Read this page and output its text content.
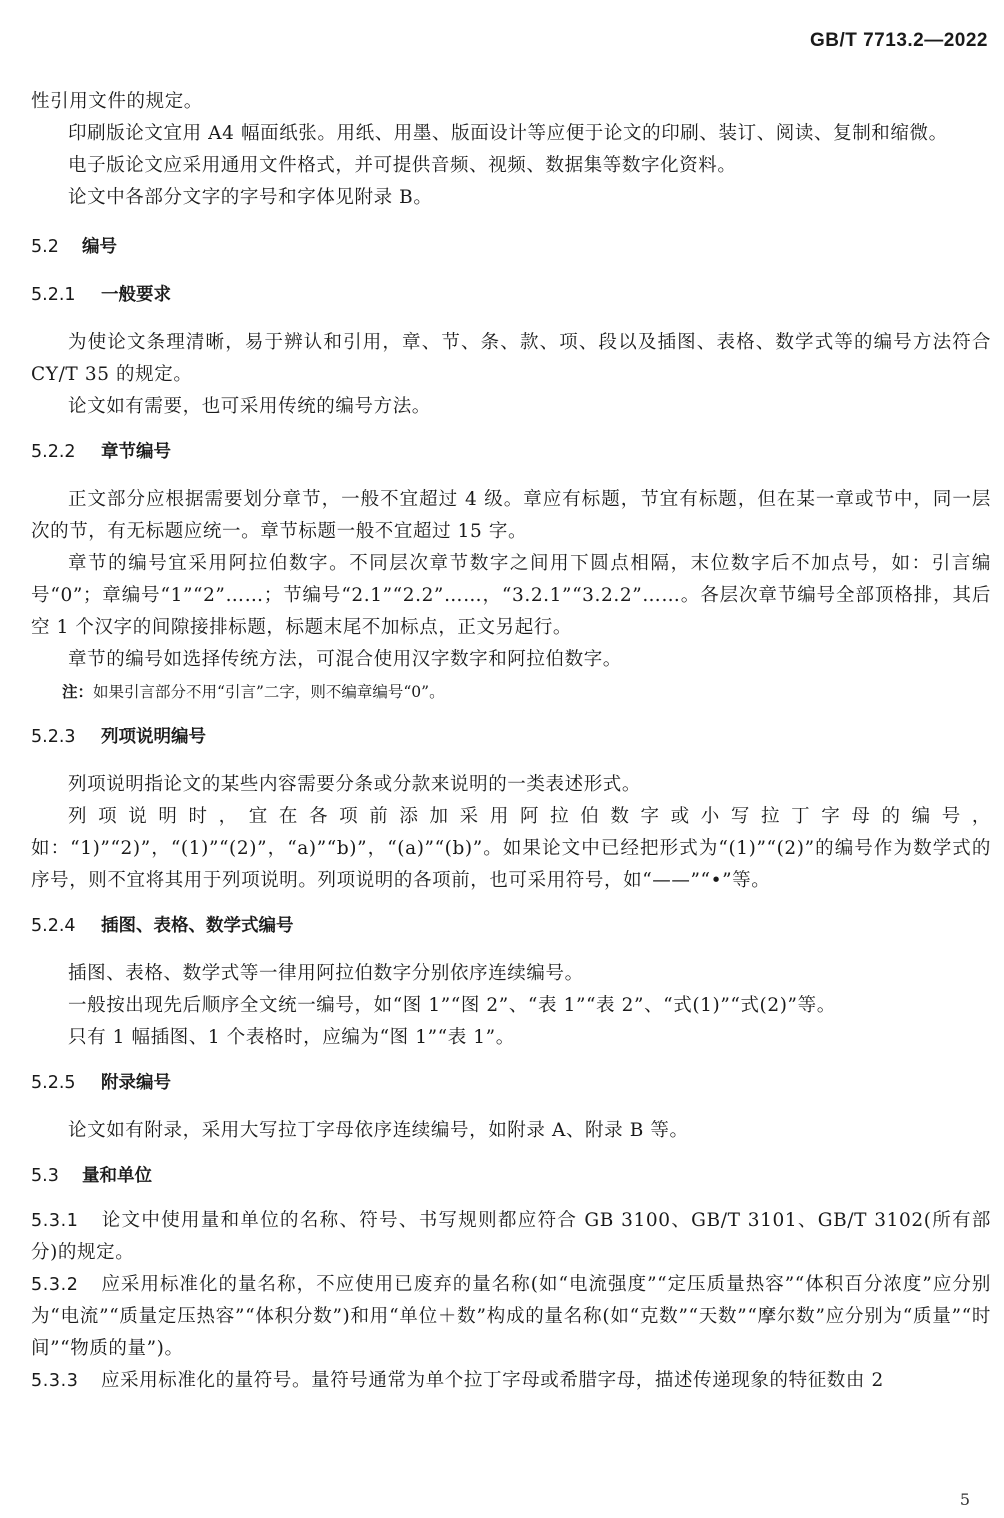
GB/T 7713.2—2022

性引用文件的规定。

印刷版论文宜用 A4 幅面纸张。用纸、用墨、版面设计等应便于论文的印刷、装订、阅读、复制和缩微。

电子版论文应采用通用文件格式，并可提供音频、视频、数据集等数字化资料。

论文中各部分文字的字号和字体见附录 B。

5.2 编号
5.2.1 一般要求

为使论文条理清晰，易于辨认和引用，章、节、条、款、项、段以及插图、表格、数学式等的编号方法符合 CY/T 35 的规定。

论文如有需要，也可采用传统的编号方法。

5.2.2 章节编号

正文部分应根据需要划分章节，一般不宜超过 4 级。章应有标题，节宜有标题，但在某一章或节中，同一层次的节，有无标题应统一。章节标题一般不宜超过 15 字。

章节的编号宜采用阿拉伯数字。不同层次章节数字之间用下圆点相隔，末位数字后不加点号，如：引言编号“0”；章编号“1”“2”……；节编号“2.1”“2.2”……，“3.2.1”“3.2.2”……。各层次章节编号全部顶格排，其后空 1 个汉字的间隙接排标题，标题末尾不加标点，正文另起行。

章节的编号如选择传统方法，可混合使用汉字数字和阿拉伯数字。

注：如果引言部分不用“引言”二字，则不编章编号“0”。

5.2.3 列项说明编号

列项说明指论文的某些内容需要分条或分款来说明的一类表述形式。

列项说明时，宜在各项前添加采用阿拉伯数字或小写拉丁字母的编号，如：“1)”“2)”，“(1)”“(2)”，“a)”“b)”，“(a)”“(b)”。如果论文中已经把形式为“(1)”“(2)”的编号作为数学式的序号，则不宜将其用于列项说明。列项说明的各项前，也可采用符号，如“——”“•”等。

5.2.4 插图、表格、数学式编号

插图、表格、数学式等一律用阿拉伯数字分别依序连续编号。

一般按出现先后顺序全文统一编号，如“图 1”“图 2”、“表 1”“表 2”、“式(1)”“式(2)”等。

只有 1 幅插图、1 个表格时，应编为“图 1”“表 1”。

5.2.5 附录编号

论文如有附录，采用大写拉丁字母依序连续编号，如附录 A、附录 B 等。

5.3 量和单位

5.3.1 论文中使用量和单位的名称、符号、书写规则都应符合 GB 3100、GB/T 3101、GB/T 3102(所有部分)的规定。

5.3.2 应采用标准化的量名称，不应使用已废弃的量名称(如“电流强度”“定压质量热容”“体积百分浓度”应分别为“电流”“质量定压热容”“体积分数”)和用“单位＋数”构成的量名称(如“克数”“天数”“摩尔数”应分别为“质量”“时间”“物质的量”)。

5.3.3 应采用标准化的量符号。量符号通常为单个拉丁字母或希腊字母，描述传递现象的特征数由 2

5
